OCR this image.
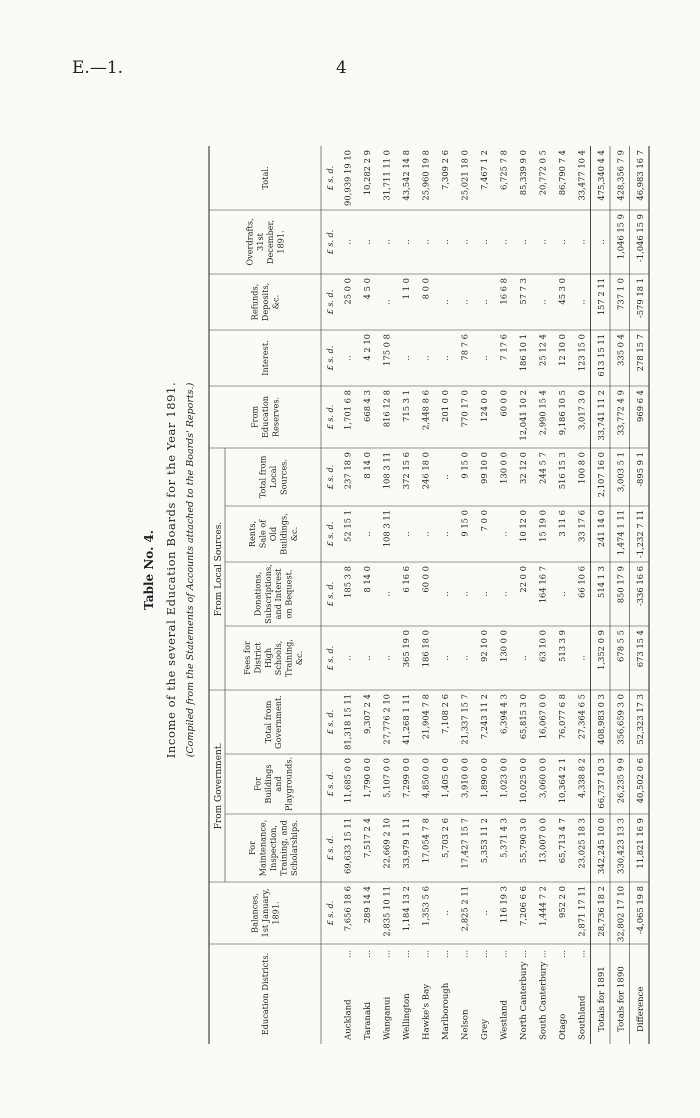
E.—1.	4
Table No. 4. Income of the several Education Boards for the Year 1891. (Compiled from the Statements of Accounts attached to the Boards' Reports.)
From Government.
From Local Sources.
Education Districts.
Balances,1st January,1891.
ForMaintenance,Inspection,Training, andScholarships.
ForBuildingsandPlaygrounds.
Total fromGovernment.
Fees forDistrictHighSchools,Training,&c.
Donations,Subscriptions,and Intereston Bequest.
Rents,Sale ofOldBuildings,&c.
Total fromLocalSources.
FromEducationReserves.
Interest.
Refunds,Deposits,&c.
Overdrafts,31stDecember,1891.
Total.
£ s. d.
£ s. d.
£ s. d.
£ s. d.
£ s. d.
£ s. d.
£ s. d.
£ s. d.
£ s. d.
£ s. d.
£ s. d.
£ s. d.
£ s. d.
Auckland
...
7,656 18 6
69,633 15 11
11,685 0 0
81,318 15 11
..
185 3 8
52 15 1
237 18 9
1,701 6 8
..
25 0 0
..
90,939 19 10
Taranaki
...
289 14 4
7,517 2 4
1,790 0 0
9,307 2 4
..
8 14 0
..
8 14 0
668 4 3
4 2 10
4 5 0
..
10,282 2 9
Wanganui
...
2,835 10 11
22,669 2 10
5,107 0 0
27,776 2 10
..
..
108 3 11
108 3 11
816 12 8
175 0 8
..
..
31,711 11 0
Wellington
...
1,184 13 2
33,979 1 11
7,299 0 0
41,268 1 11
365 19 0
6 16 6
..
372 15 6
715 3 1
..
1 1 0
..
43,542 14 8
Hawke's Bay
...
1,353 5 6
17,054 7 8
4,850 0 0
21,904 7 8
186 18 0
60 0 0
..
246 18 0
2,448 8 6
..
8 0 0
..
25,960 19 8
Marlborough
...
..
5,703 2 6
1,405 0 0
7,108 2 6
..
..
..
..
201 0 0
..
..
..
7,309 2 6
Nelson
...
2,825 2 11
17,427 15 7
3,910 0 0
21,337 15 7
..
..
9 15 0
9 15 0
770 17 0
78 7 6
..
..
25,021 18 0
Grey
...
..
5,353 11 2
1,890 0 0
7,243 11 2
92 10 0
..
7 0 0
99 10 0
124 0 0
..
..
..
7,467 1 2
Westland
...
116 19 3
5,371 4 3
1,023 0 0
6,394 4 3
130 0 0
..
..
130 0 0
60 0 0
7 17 6
16 6 8
..
6,725 7 8
North Canterbury
...
7,206 6 6
55,790 3 0
10,025 0 0
65,815 3 0
..
22 0 0
10 12 0
32 12 0
12,041 10 2
186 10 1
57 7 3
..
85,339 9 0
South Canterbury
...
1,444 7 2
13,007 0 0
3,060 0 0
16,067 0 0
63 10 0
164 16 7
15 19 0
244 5 7
2,990 15 4
25 12 4
..
..
20,772 0 5
Otago
...
952 2 0
65,713 4 7
10,364 2 1
76,077 6 8
513 3 9
..
3 11 6
516 15 3
9,186 10 5
12 10 0
45 3 0
..
86,790 7 4
Southland
...
2,871 17 11
23,025 18 3
4,338 8 2
27,364 6 5
..
66 10 6
33 17 6
100 8 0
3,017 3 0
123 15 0
..
..
33,477 10 4
Totals for 1891
28,736 18 2
342,245 10 0
66,737 10 3
408,983 0 3
1,352 0 9
514 1 3
241 14 0
2,107 16 0
33,741 11 2
613 15 11
157 2 11
..
475,340 4 4
Totals for 1890
32,802 17 10
330,423 13 3
26,235 9 9
356,659 3 0
678 5 5
850 17 9
1,474 1 11
3,003 5 1
33,772 4 9
335 0 4
737 1 0
1,046 15 9
428,356 7 9
Difference
-4,065 19 8
11,821 16 9
40,502 0 6
52,323 17 3
673 15 4
-336 16 6
-1,232 7 11
-895 9 1
969 6 4
278 15 7
-579 18 1
-1,046 15 9
46,983 16 7
